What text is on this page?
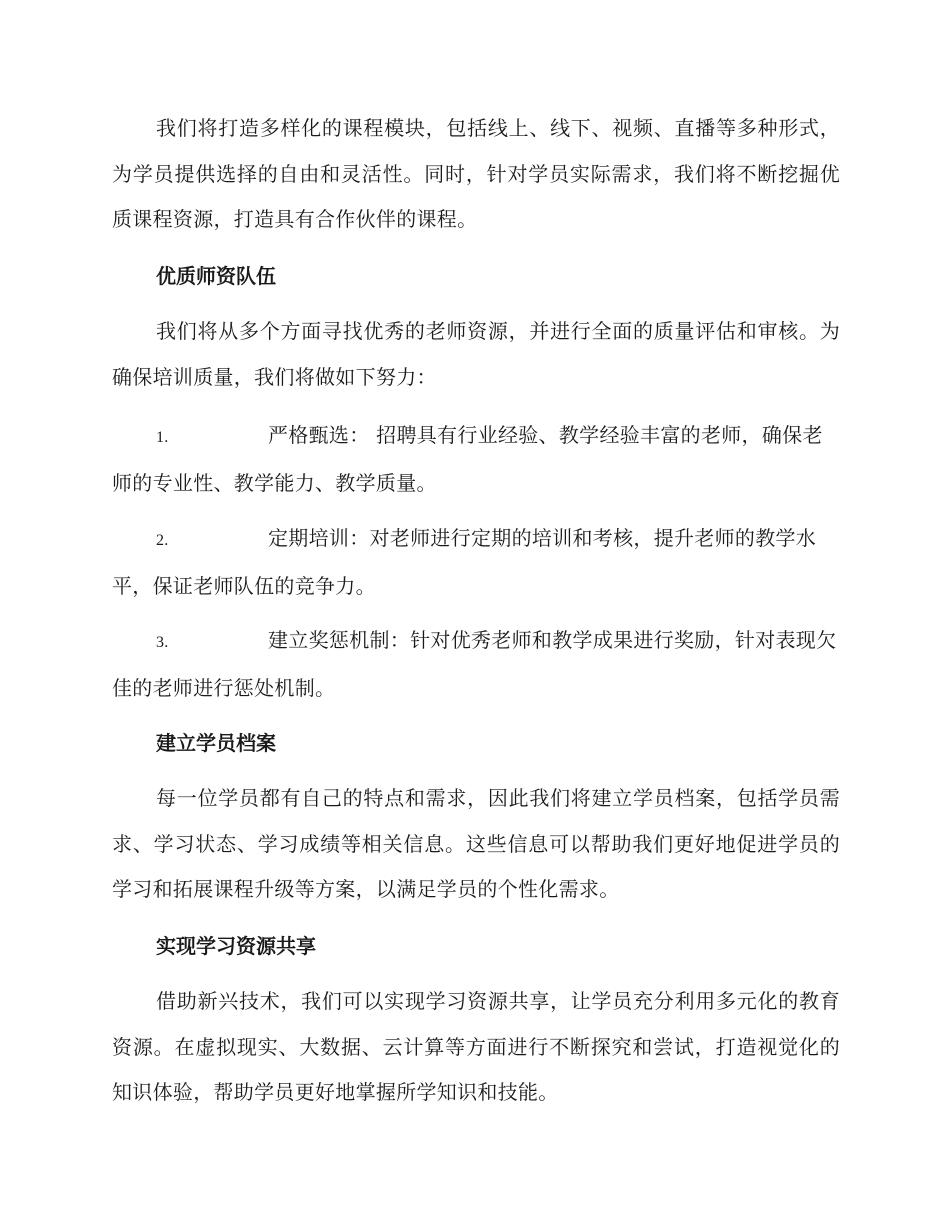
我们将打造多样化的课程模块，包括线上、线下、视频、直播等多种形式，为学员提供选择的自由和灵活性。同时，针对学员实际需求，我们将不断挖掘优质课程资源，打造具有合作伙伴的课程。

优质师资队伍

我们将从多个方面寻找优秀的老师资源，并进行全面的质量评估和审核。为确保培训质量，我们将做如下努力：

1.	严格甄选： 招聘具有行业经验、教学经验丰富的老师，确保老师的专业性、教学能力、教学质量。

2.	定期培训：对老师进行定期的培训和考核，提升老师的教学水平，保证老师队伍的竞争力。

3.	建立奖惩机制：针对优秀老师和教学成果进行奖励，针对表现欠佳的老师进行惩处机制。

建立学员档案

每一位学员都有自己的特点和需求，因此我们将建立学员档案，包括学员需求、学习状态、学习成绩等相关信息。这些信息可以帮助我们更好地促进学员的学习和拓展课程升级等方案，以满足学员的个性化需求。

实现学习资源共享

借助新兴技术，我们可以实现学习资源共享，让学员充分利用多元化的教育资源。在虚拟现实、大数据、云计算等方面进行不断探究和尝试，打造视觉化的知识体验，帮助学员更好地掌握所学知识和技能。
